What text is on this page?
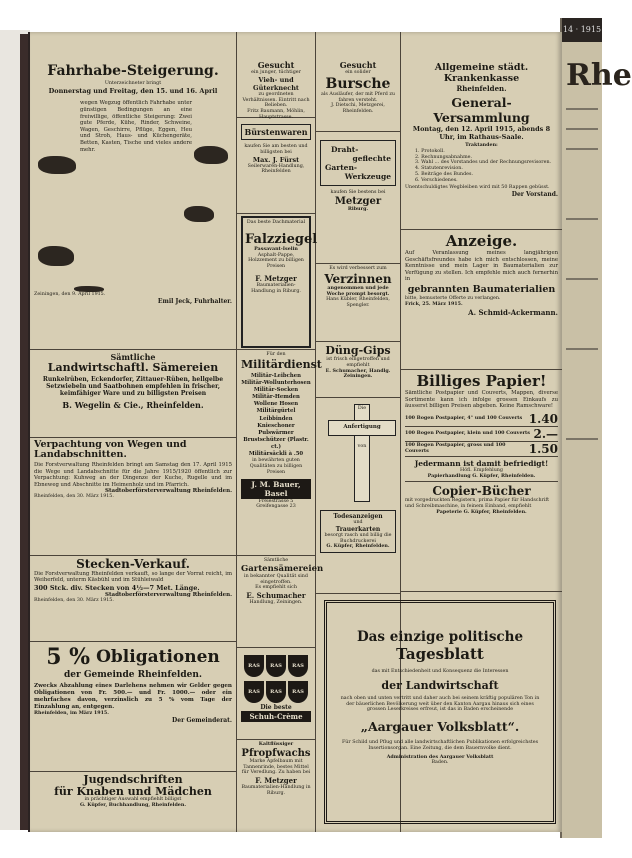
14 · 1915
Rhe
Fahrhabe-Steigerung.
Unterzeichneter bringt
Donnerstag und Freitag, den 15. und 16. April
wegen Wegzug öffentlich Fahrhabe unter günstigen Bedingungen an eine freiwillige, öffentliche Steigerung: Zwei gute Pferde, Kühe, Rinder, Schweine, Wagen, Geschirre, Pflüge, Eggen, Heu und Stroh, Haus- und Küchengeräte, Betten, Kasten, Tische und vieles andere mehr.
Zeiningen, den 9. April 1915.
Emil Jeck, Fuhrhalter.
Sämtliche
Landwirtschaftl. Sämereien
Runkelrüben, Eckendorfer, Zittauer-Rüben, hellgelbe Setzwiebeln und Saatbohnen empfehlen in frischer, keimfähiger Ware und zu billigsten Preisen
B. Wegelin & Cie., Rheinfelden.
Verpachtung von Wegen und Landabschnitten.
Die Forstverwaltung Rheinfelden bringt am Samstag den 17. April 1915 die Wege und Landabschnitte für die Jahre 1915/1920 öffentlich zur Verpachtung: Kuhweg an der Dingenze der Kuche, Rugelle und im Ebneweg und Abschnitte im Heimenholz und im Pfarrich.
Stadtoberförsterverwaltung Rheinfelden.
Rheinfelden, den 30. März 1915.
Stecken-Verkauf.
Die Forstverwaltung Rheinfelden verkauft, so lange der Vorrat reicht, im Weiherfeld, unterm Käsbühl und im Stühleiwald
300 Stck. div. Stecken von 4½—7 Met. Länge.
Stadtoberförsterverwaltung Rheinfelden.
Rheinfelden, den 30. März 1915.
5 % Obligationen
der Gemeinde Rheinfelden.
Zwecks Abzahlung eines Darlehens nehmen wir Gelder gegen Obligationen von Fr. 500.— und Fr. 1000.— oder ein mehrfaches davon, verzinslich zu 5 % vom Tage der Einzahlung an, entgegen.
Rheinfelden, im März 1915.
Der Gemeinderat.
Jugendschriften
für Knaben und Mädchen
in prächtiger Auswahl empfiehlt billigst
G. Küpfer, Buchhandlung, Rheinfelden.
Gesucht
ein junger, tüchtiger
Vieh- und Güterknecht
zu geordneten Verhältnissen. Eintritt nach Belieben.
Fritz Baumann, Möhlin, Hauptstrasse.
Bürstenwaren
kaufen Sie am besten und billigsten bei
Max. J. Fürst
Seilerwaren-Handlung, Rheinfelden
Das beste Dachmaterial
Falzziegel
Passavant-Iselin
Asphalt-Pappe, Holzzement zu billigen Preisen
F. Metzger
Baumaterialien-Handlung in Riburg.
Für den
Militärdienst
Militär-Leibchen
Militär-Wollunterhosen
Militär-Socken
Militär-Hemden
Wollene Hosen
Militärgürtel
Leibbinden
Knieschoner
Pulswärmer
Brustschützer (Plastr. ct.)
Militärsäckli à .50
in bewährten guten Qualitäten zu billigen Preisen
J. M. Bauer, Basel
Freiestrasse 5
Greifengasse 23
Sämtliche
Gartensämereien
in bekannter Qualität sind eingetroffen.
Es empfiehlt sich
E. Schumacher
Handlung, Zeiningen.
RAS RAS RASRAS RAS RAS
Die beste
Schuh-Crème
Kaltflüssiger
Pfropfwachs
Marke Apfelbaum mit Tannenrinde, bestes Mittel für Veredlung. Zu haben bei
F. Metzger
Baumaterialien-Handlung in Riburg.
Gesucht
ein solider
Bursche
als Ausläufer, der mit Pferd zu fahren versteht.
J. Dietschi, Metzgerei, Rheinfelden.
Draht-
geflechte
Garten-
Werkzeuge
kaufen Sie bestens bei
Metzger
Riburg.
Es wird verbessert zum
Verzinnen
angenommen und jede Woche prompt besorgt.
Hans Kübler, Rheinfelden, Spengler.
Düng-Gips
ist frisch eingetroffen und empfiehlt
E. Schumacher, Handlg. Zeiningen.
Die
Anfertigung
von
Todesanzeigen
und
Trauerkarten
besorgt rasch und billig die Buchdruckerei
G. Küpfer, Rheinfelden.
Allgemeine städt. Krankenkasse
Rheinfelden.
General-Versammlung
Montag, den 12. April 1915, abends 8 Uhr, im Rathaus-Saale.
Traktanden:
1. Protokoll.
2. Rechnungsabnahme.
3. Wahl ... des Vorstandes und der Rechnungsrevisoren.
4. Statutenrevision.
5. Beiträge des Bundes.
6. Verschiedenes.
Unentschuldigtes Wegbleiben wird mit 50 Rappen gebüsst.
Der Vorstand.
Anzeige.
Auf Veranlassung meines langjährigen Geschäftsfreundes habe ich mich entschlossen, meine Kenntnisse und mein Lager in Baumaterialien zur Verfügung zu stellen. Ich empfehle mich auch fernerhin in
gebrannten Baumaterialien
bitte, bemusterte Offerte zu verlangen.
Frick, 25. März 1915.
A. Schmid-Ackermann.
Billiges Papier!
Sämtliche Postpapier und Couverts, Mappen, diverse Sortimente kann ich infolge grossen Einkaufs zu äusserst billigen Preisen abgeben. Keine Ramschware!
100 Bogen Postpapier, 4° und 100 Couverts 1.40
100 Bogen Postpapier, klein und 100 Couverts 2.—
100 Bogen Postpapier, gross und 100 Couverts	1.50
Jedermann ist damit befriedigt!
Höfl. Empfehlung
Papierhandlung G. Küpfer, Rheinfelden.
Copier-Bücher
mit vorgedruckten Registern, prima Papier für Handschrift und Schreibmaschine, in feinem Einband, empfiehlt
Papeterie G. Küpfer, Rheinfelden.
Das einzige politische
Tagesblatt
das mit Entschiedenheit und Konsequenz die Interessen
der Landwirtschaft
nach oben und unten vertritt und daher auch bei seinem kräftig populären Ton in der bäuerlichen Bevölkerung weit über den Kanton Aargau hinaus sich eines grossen Leserkreises erfreut, ist das in Baden erscheinende
„Aargauer Volksblatt“.
Für Schild und Pflug und alle landwirtschaftlichen Publikationen erfolgreichstes Insertionsorgan. Eine Zeitung, die dem Bauernvolke dient.
Administration des Aargauer Volksblatt
Baden.
